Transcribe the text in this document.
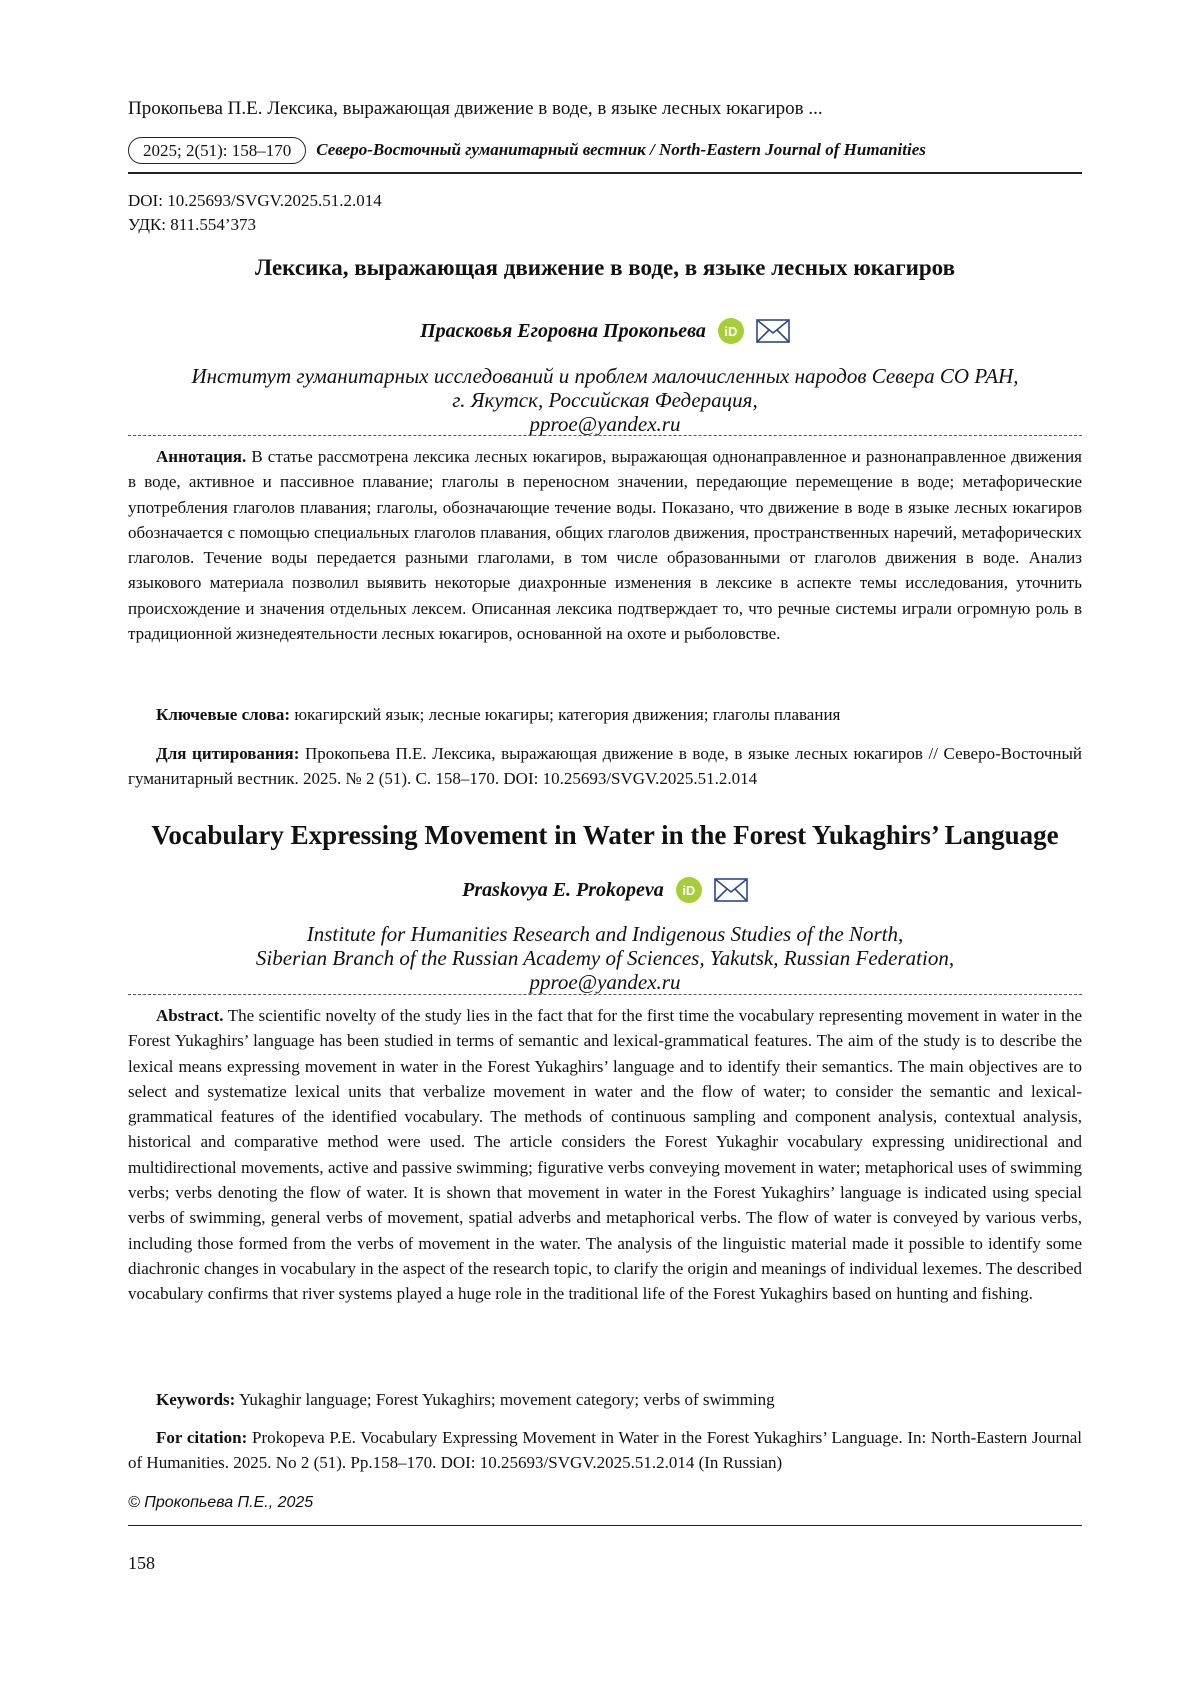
Прокопьева П.Е. Лексика, выражающая движение в воде, в языке лесных юкагиров ...
2025; 2(51): 158–170	Северо-Восточный гуманитарный вестник / North-Eastern Journal of Humanities
DOI: 10.25693/SVGV.2025.51.2.014
УДК: 811.554’373
Лексика, выражающая движение в воде, в языке лесных юкагиров
Прасковья Егоровна Прокопьева	iD
Институт гуманитарных исследований и проблем малочисленных народов Севера СО РАН,
г. Якутск, Российская Федерация,
pproe@yandex.ru
Аннотация. В статье рассмотрена лексика лесных юкагиров, выражающая однонаправленное и разнонаправленное движения в воде, активное и пассивное плавание; глаголы в переносном значении, передающие перемещение в воде; метафорические употребления глаголов плавания; глаголы, обозначающие течение воды. Показано, что движение в воде в языке лесных юкагиров обозначается с помощью специальных глаголов плавания, общих глаголов движения, пространственных наречий, метафорических глаголов. Течение воды передается разными глаголами, в том числе образованными от глаголов движения в воде. Анализ языкового материала позволил выявить некоторые диахронные изменения в лексике в аспекте темы исследования, уточнить происхождение и значения отдельных лексем. Описанная лексика подтверждает то, что речные системы играли огромную роль в традиционной жизнедеятельности лесных юкагиров, основанной на охоте и рыболовстве.
Ключевые слова: юкагирский язык; лесные юкагиры; категория движения; глаголы плавания
Для цитирования: Прокопьева П.Е. Лексика, выражающая движение в воде, в языке лесных юкагиров // Северо-Восточный гуманитарный вестник. 2025. № 2 (51). С. 158–170. DOI: 10.25693/SVGV.2025.51.2.014
Vocabulary Expressing Movement in Water in the Forest Yukaghirs’ Language
Praskovya E. Prokopeva	iD
Institute for Humanities Research and Indigenous Studies of the North,
Siberian Branch of the Russian Academy of Sciences, Yakutsk, Russian Federation,
pproe@yandex.ru
Abstract. The scientific novelty of the study lies in the fact that for the first time the vocabulary representing movement in water in the Forest Yukaghirs’ language has been studied in terms of semantic and lexical-grammatical features. The aim of the study is to describe the lexical means expressing movement in water in the Forest Yukaghirs’ language and to identify their semantics. The main objectives are to select and systematize lexical units that verbalize movement in water and the flow of water; to consider the semantic and lexical-grammatical features of the identified vocabulary. The methods of continuous sampling and component analysis, contextual analysis, historical and comparative method were used. The article considers the Forest Yukaghir vocabulary expressing unidirectional and multidirectional movements, active and passive swimming; figurative verbs conveying movement in water; metaphorical uses of swimming verbs; verbs denoting the flow of water. It is shown that movement in water in the Forest Yukaghirs’ language is indicated using special verbs of swimming, general verbs of movement, spatial adverbs and metaphorical verbs. The flow of water is conveyed by various verbs, including those formed from the verbs of movement in the water. The analysis of the linguistic material made it possible to identify some diachronic changes in vocabulary in the aspect of the research topic, to clarify the origin and meanings of individual lexemes. The described vocabulary confirms that river systems played a huge role in the traditional life of the Forest Yukaghirs based on hunting and fishing.
Keywords: Yukaghir language; Forest Yukaghirs; movement category; verbs of swimming
For citation: Prokopeva P.E. Vocabulary Expressing Movement in Water in the Forest Yukaghirs’ Language. In: North-Eastern Journal of Humanities. 2025. No 2 (51). Pp.158–170. DOI: 10.25693/SVGV.2025.51.2.014 (In Russian)
© Прокопьева П.Е., 2025
158
